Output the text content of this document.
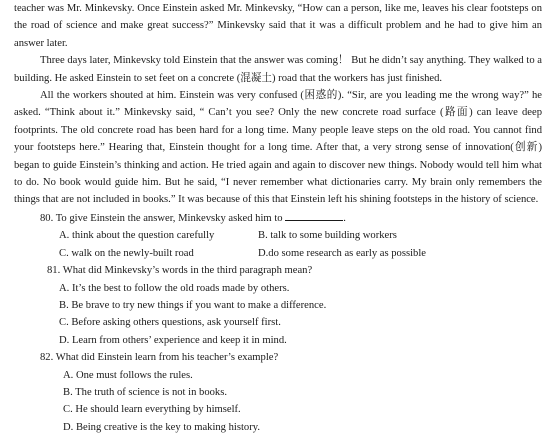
teacher was Mr. Minkevsky. Once Einstein asked Mr. Minkevsky, “How can a person, like me, leaves his clear footsteps on the road of science and make great success?” Minkevsky said that it was a difficult problem and he had to give him an answer later.

Three days later, Minkevsky told Einstein that the answer was coming！ But he didn’t say anything. They walked to a building. He asked Einstein to set feet on a concrete (混凝土) road that the workers has just finished.

All the workers shouted at him. Einstein was very confused (困惑的). “Sir, are you leading me the wrong way?” he asked. “Think about it.” Minkevsky said, “ Can’t you see? Only the new concrete road surface (路面) can leave deep footprints. The old concrete road has been hard for a long time. Many people leave steps on the old road. You cannot find your footsteps here.” Hearing that, Einstein thought for a long time. After that, a very strong sense of innovation(创新) began to guide Einstein’s thinking and action. He tried again and again to discover new things. Nobody would tell him what to do. No book would guide him. But he said, “I never remember what dictionaries carry. My brain only remembers the things that are not included in books.” It was because of this that Einstein left his shining footsteps in the history of science.

80. To give Einstein the answer, Minkevsky asked him to	.
A. think about the question carefully	B. talk to some building workers
C. walk on the newly-built road	D.do some research as early as possible
81. What did Minkevsky’s words in the third paragraph mean?
A. It’s the best to follow the old roads made by others.
B. Be brave to try new things if you want to make a difference.
C. Before asking others questions, ask yourself first.
D. Learn from others’ experience and keep it in mind.
82. What did Einstein learn from his teacher’s example?
A. One must follows the rules.
B. The truth of science is not in books.
C. He should learn everything by himself.
D. Being creative is the key to making history.
